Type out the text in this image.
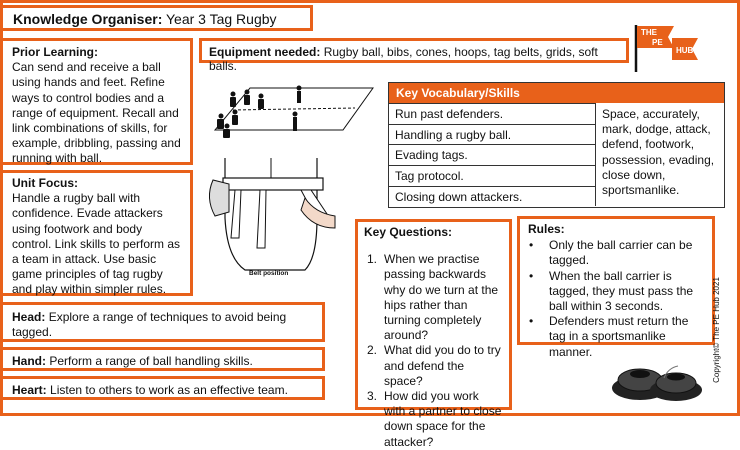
Knowledge Organiser: Year 3 Tag Rugby
Equipment needed: Rugby ball, bibs, cones, hoops, tag belts, grids, soft balls.
Prior Learning:
Can send and receive a ball using hands and feet. Refine ways to control bodies and a range of equipment. Recall and link combinations of skills, for example, dribbling, passing and running with ball.
Unit Focus:
Handle a rugby ball with confidence. Evade attackers using footwork and body control. Link skills to perform as a team in attack. Use basic game principles of tag rugby and play within simpler rules.
Head: Explore a range of techniques to avoid being tagged.
Hand: Perform a range of ball handling skills.
Heart: Listen to others to work as an effective team.
THE
PE
HUB
Belt position
Key Vocabulary/Skills
Run past defenders.
Handling a rugby ball.
Evading tags.
Tag protocol.
Closing down attackers.
Space, accurately, mark, dodge, attack, defend, footwork, possession, evading, close down, sportsmanlike.
Key Questions:
1. When we practise passing backwards why do we turn at the hips rather than turning completely around?
2. What did you do to try and defend the space?
3. How did you work with a partner to close down space for the attacker?
Rules:
• Only the ball carrier can be tagged.
• When the ball carrier is tagged, they must pass the ball within 3 seconds.
• Defenders must return the tag in a sportsmanlike manner.	Copyright© The PE Hub 2021
